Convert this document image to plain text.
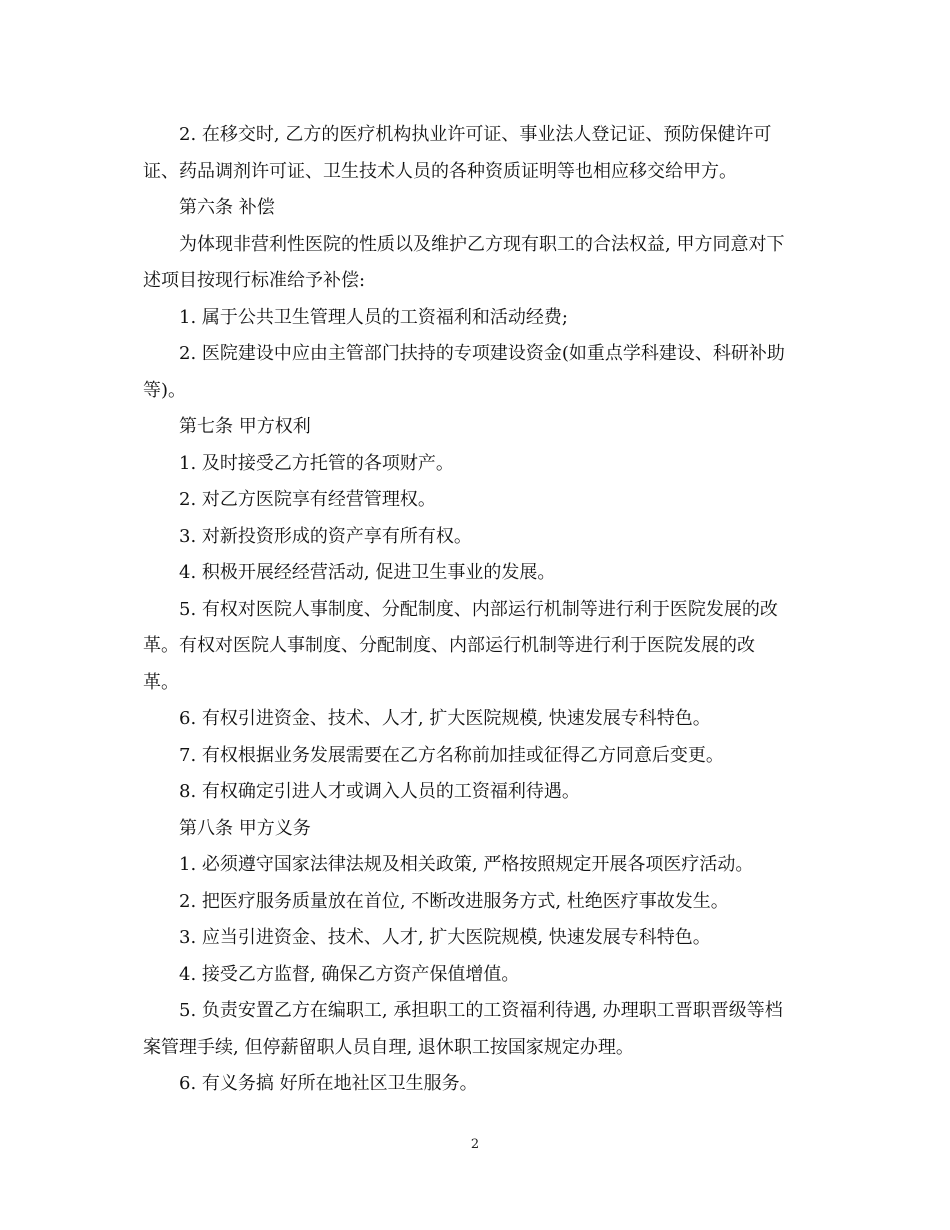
2. 在移交时, 乙方的医疗机构执业许可证、事业法人登记证、预防保健许可

证、药品调剂许可证、卫生技术人员的各种资质证明等也相应移交给甲方。

第六条 补偿

为体现非营利性医院的性质以及维护乙方现有职工的合法权益, 甲方同意对下

述项目按现行标准给予补偿:

1. 属于公共卫生管理人员的工资福利和活动经费;

2. 医院建设中应由主管部门扶持的专项建设资金(如重点学科建设、科研补助

等)。

第七条 甲方权利

1. 及时接受乙方托管的各项财产。

2. 对乙方医院享有经营管理权。

3. 对新投资形成的资产享有所有权。

4. 积极开展经经营活动, 促进卫生事业的发展。

5. 有权对医院人事制度、分配制度、内部运行机制等进行利于医院发展的改

革。有权对医院人事制度、分配制度、内部运行机制等进行利于医院发展的改

革。

6. 有权引进资金、技术、人才, 扩大医院规模, 快速发展专科特色。

7. 有权根据业务发展需要在乙方名称前加挂或征得乙方同意后变更。

8. 有权确定引进人才或调入人员的工资福利待遇。

第八条 甲方义务

1. 必须遵守国家法律法规及相关政策, 严格按照规定开展各项医疗活动。

2. 把医疗服务质量放在首位, 不断改进服务方式, 杜绝医疗事故发生。

3. 应当引进资金、技术、人才, 扩大医院规模, 快速发展专科特色。

4. 接受乙方监督, 确保乙方资产保值增值。

5. 负责安置乙方在编职工, 承担职工的工资福利待遇, 办理职工晋职晋级等档

案管理手续, 但停薪留职人员自理, 退休职工按国家规定办理。

6. 有义务搞 好所在地社区卫生服务。

2
